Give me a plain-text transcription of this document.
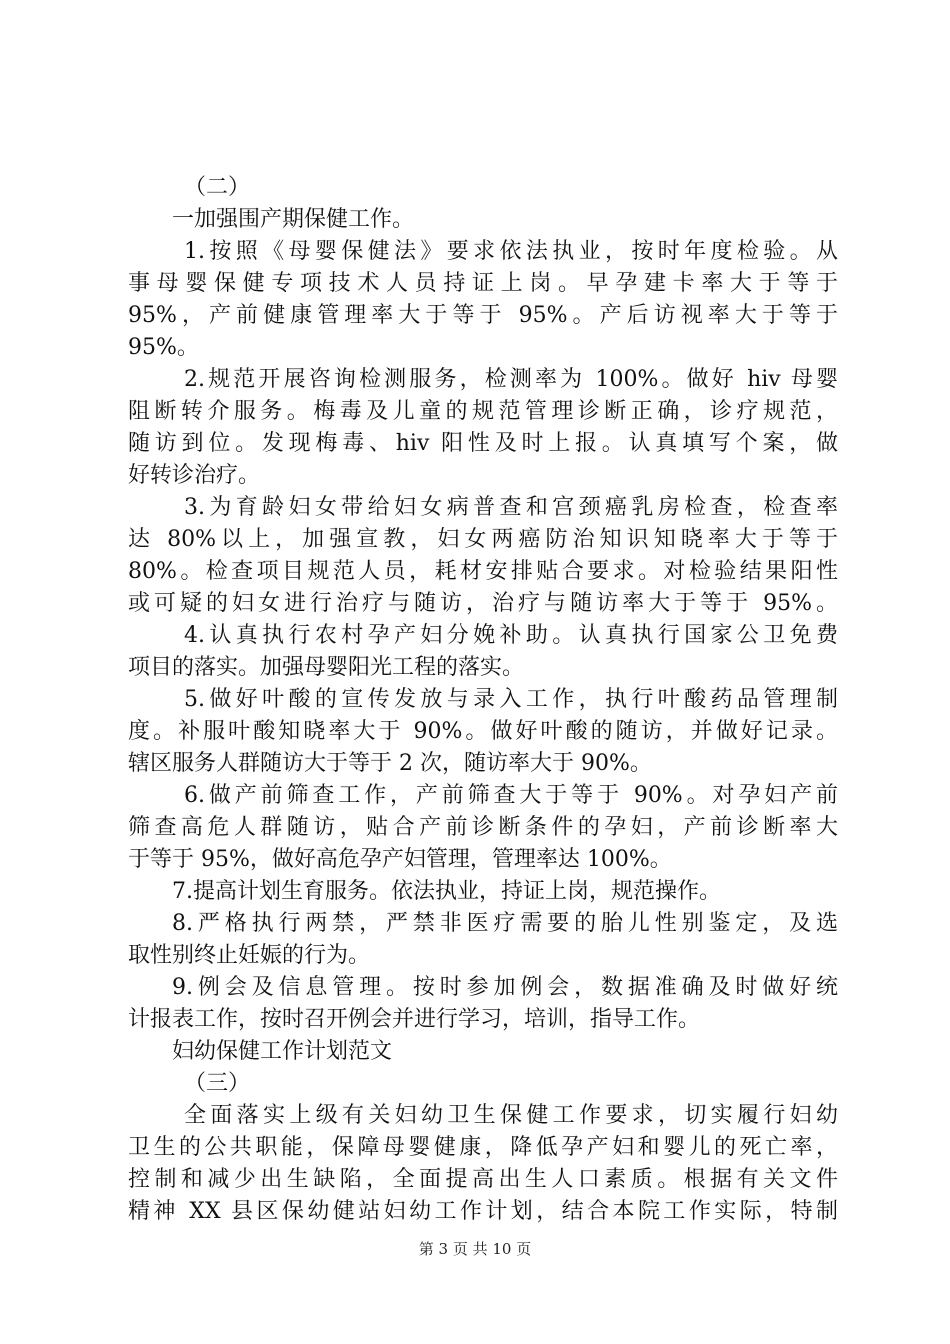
（二）
一加强围产期保健工作。
1.按照《母婴保健法》要求依法执业，按时年度检验。从
事母婴保健专项技术人员持证上岗。早孕建卡率大于等于
95%，产前健康管理率大于等于 95%。产后访视率大于等于
95%。
2.规范开展咨询检测服务，检测率为 100%。做好 hiv 母婴
阻断转介服务。梅毒及儿童的规范管理诊断正确，诊疗规范，
随访到位。发现梅毒、hiv 阳性及时上报。认真填写个案，做
好转诊治疗。
3.为育龄妇女带给妇女病普查和宫颈癌乳房检查，检查率
达 80%以上，加强宣教，妇女两癌防治知识知晓率大于等于
80%。检查项目规范人员，耗材安排贴合要求。对检验结果阳性
或可疑的妇女进行治疗与随访，治疗与随访率大于等于 95%。
4.认真执行农村孕产妇分娩补助。认真执行国家公卫免费
项目的落实。加强母婴阳光工程的落实。
5.做好叶酸的宣传发放与录入工作，执行叶酸药品管理制
度。补服叶酸知晓率大于 90%。做好叶酸的随访，并做好记录。
辖区服务人群随访大于等于 2 次，随访率大于 90%。
6.做产前筛查工作，产前筛查大于等于 90%。对孕妇产前
筛查高危人群随访，贴合产前诊断条件的孕妇，产前诊断率大
于等于 95%，做好高危孕产妇管理，管理率达 100%。
7.提高计划生育服务。依法执业，持证上岗，规范操作。
8.严格执行两禁，严禁非医疗需要的胎儿性别鉴定，及选
取性别终止妊娠的行为。
9.例会及信息管理。按时参加例会，数据准确及时做好统
计报表工作，按时召开例会并进行学习，培训，指导工作。
妇幼保健工作计划范文
（三）
全面落实上级有关妇幼卫生保健工作要求，切实履行妇幼
卫生的公共职能，保障母婴健康，降低孕产妇和婴儿的死亡率，
控制和减少出生缺陷，全面提高出生人口素质。根据有关文件
精神 XX 县区保幼健站妇幼工作计划，结合本院工作实际，特制
第 3 页 共 10 页
